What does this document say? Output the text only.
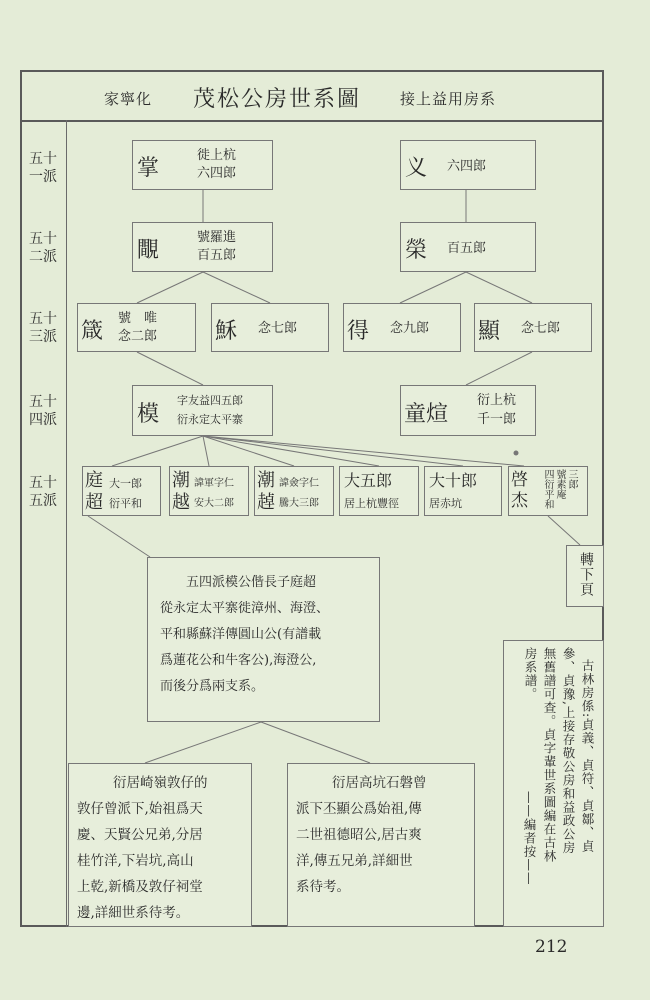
家寧化 茂松公房世系圖	接上益用房系
五十
一派
五十
二派
五十
三派
五十
四派
五十
五派
掌
徙上杭
六四郎	义 六四郎
覸
號羅進
百五郎	榮 百五郎
箴
號　唯
念二郎	穌 念七郎 得 念九郎 顯 念七郎
模
字友益四五郎
衍永定太平寨	童煊
衍上杭
千一郎
庭
超
大一郎
衍平和
潮
越
諱軍字仁
安大二郎
潮
趠
諱僉字仁
騰大三郎
大五郎
居上杭豐徑
大十郎
居赤坑
啓
杰
三郎
號素庵
四衍平和
轉下頁
五四派模公偕長子庭超
從永定太平寨徙漳州、海澄、
平和縣蘇洋傳圓山公(有譜載
爲蓮花公和牛客公),海澄公,
而後分爲兩支系。
衍居崎嶺敦仔的
敦仔曾派下,始祖爲天
慶、天賢公兄弟,分居
桂竹洋,下岩坑,高山
上乾,新橋及敦仔祠堂
邊,詳細世系待考。
衍居高坑石磐曾
派下丕顯公爲始祖,傳
二世祖德昭公,居古爽
洋,傳五兄弟,詳細世
系待考。
古林房係:貞義、貞符、貞鄒、貞
參、貞豫,上接存敬公房和益政公房
無舊譜可查。貞字輩世系圖編在古林
房系譜。
——編者按——
212
